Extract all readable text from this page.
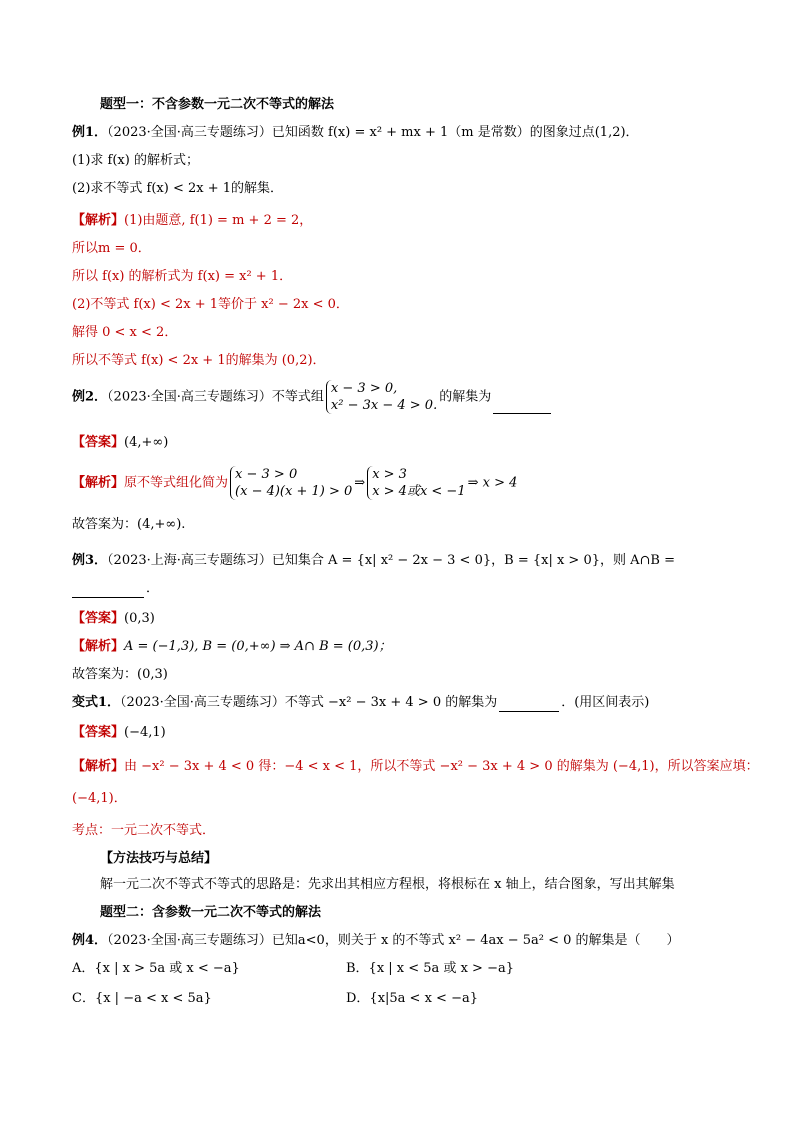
题型一：不含参数一元二次不等式的解法
例1．（2023·全国·高三专题练习）已知函数 f(x) = x² + mx + 1（m 是常数）的图象过点(1,2)．
(1)求 f(x) 的解析式；
(2)求不等式 f(x) < 2x + 1的解集．
【解析】(1)由题意, f(1) = m + 2 = 2，
所以m = 0．
所以 f(x) 的解析式为 f(x) = x² + 1．
(2)不等式 f(x) < 2x + 1等价于 x² − 2x < 0．
解得 0 < x < 2．
所以不等式 f(x) < 2x + 1的解集为 (0,2)．
例2．（2023·全国·高三专题练习）不等式组
x − 3 > 0,
x² − 3x − 4 > 0.
的解集为
【答案】(4,+∞)
【解析】原不等式组化简为
x − 3 > 0
(x − 4)(x + 1) > 0
⇒
x > 3
x > 4或x < −1
⇒ x > 4
故答案为：(4,+∞).
例3．（2023·上海·高三专题练习）已知集合 A = {x| x² − 2x − 3 < 0}，B = {x| x > 0}，则 A∩B =
．
【答案】(0,3)
【解析】A = (−1,3), B = (0,+∞) ⇒ A∩ B = (0,3)；
故答案为：(0,3)
变式1．（2023·全国·高三专题练习）不等式 −x² − 3x + 4 > 0 的解集为	．(用区间表示)
【答案】(−4,1)
【解析】由 −x² − 3x + 4 < 0 得：−4 < x < 1，所以不等式 −x² − 3x + 4 > 0 的解集为 (−4,1)，所以答案应填：
(−4,1)．
考点：一元二次不等式．
【方法技巧与总结】
解一元二次不等式不等式的思路是：先求出其相应方程根，将根标在 x 轴上，结合图象，写出其解集
题型二：含参数一元二次不等式的解法
例4．（2023·全国·高三专题练习）已知a<0，则关于 x 的不等式 x² − 4ax − 5a² < 0 的解集是（　　）
A．{x | x > 5a 或 x < −a}	B．{x | x < 5a 或 x > −a}
C．{x | −a < x < 5a}	D．{x|5a < x < −a}
